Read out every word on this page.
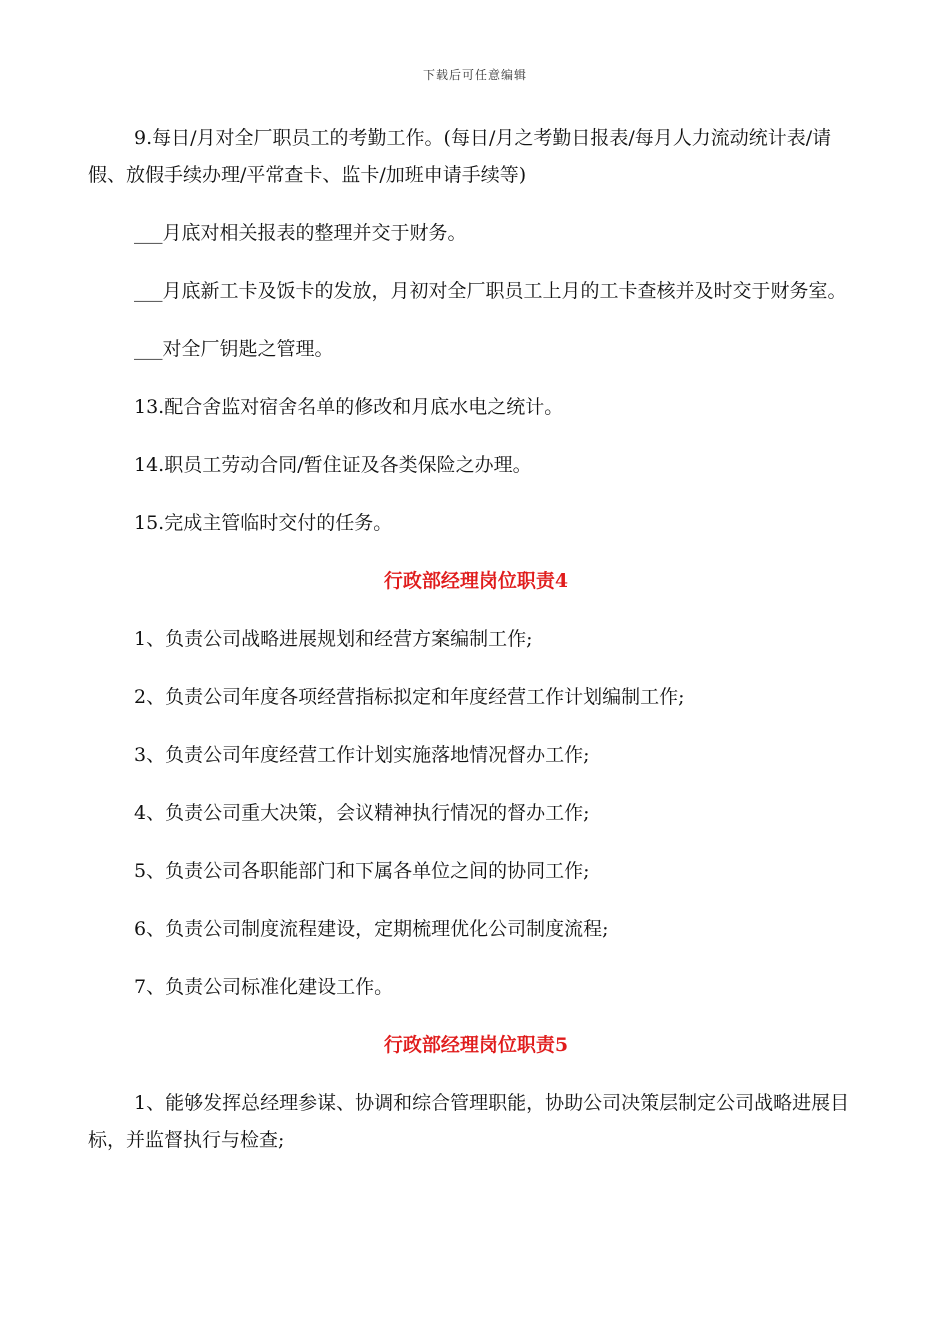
下载后可任意编辑

9.每日/月对全厂职员工的考勤工作。(每日/月之考勤日报表/每月人力流动统计表/请假、放假手续办理/平常查卡、监卡/加班申请手续等)

___月底对相关报表的整理并交于财务。

___月底新工卡及饭卡的发放，月初对全厂职员工上月的工卡查核并及时交于财务室。

___对全厂钥匙之管理。

13.配合舍监对宿舍名单的修改和月底水电之统计。

14.职员工劳动合同/暂住证及各类保险之办理。

15.完成主管临时交付的任务。

行政部经理岗位职责4

1、负责公司战略进展规划和经营方案编制工作;

2、负责公司年度各项经营指标拟定和年度经营工作计划编制工作;

3、负责公司年度经营工作计划实施落地情况督办工作;

4、负责公司重大决策，会议精神执行情况的督办工作;

5、负责公司各职能部门和下属各单位之间的协同工作;

6、负责公司制度流程建设，定期梳理优化公司制度流程;

7、负责公司标准化建设工作。

行政部经理岗位职责5

1、能够发挥总经理参谋、协调和综合管理职能，协助公司决策层制定公司战略进展目标，并监督执行与检查;
